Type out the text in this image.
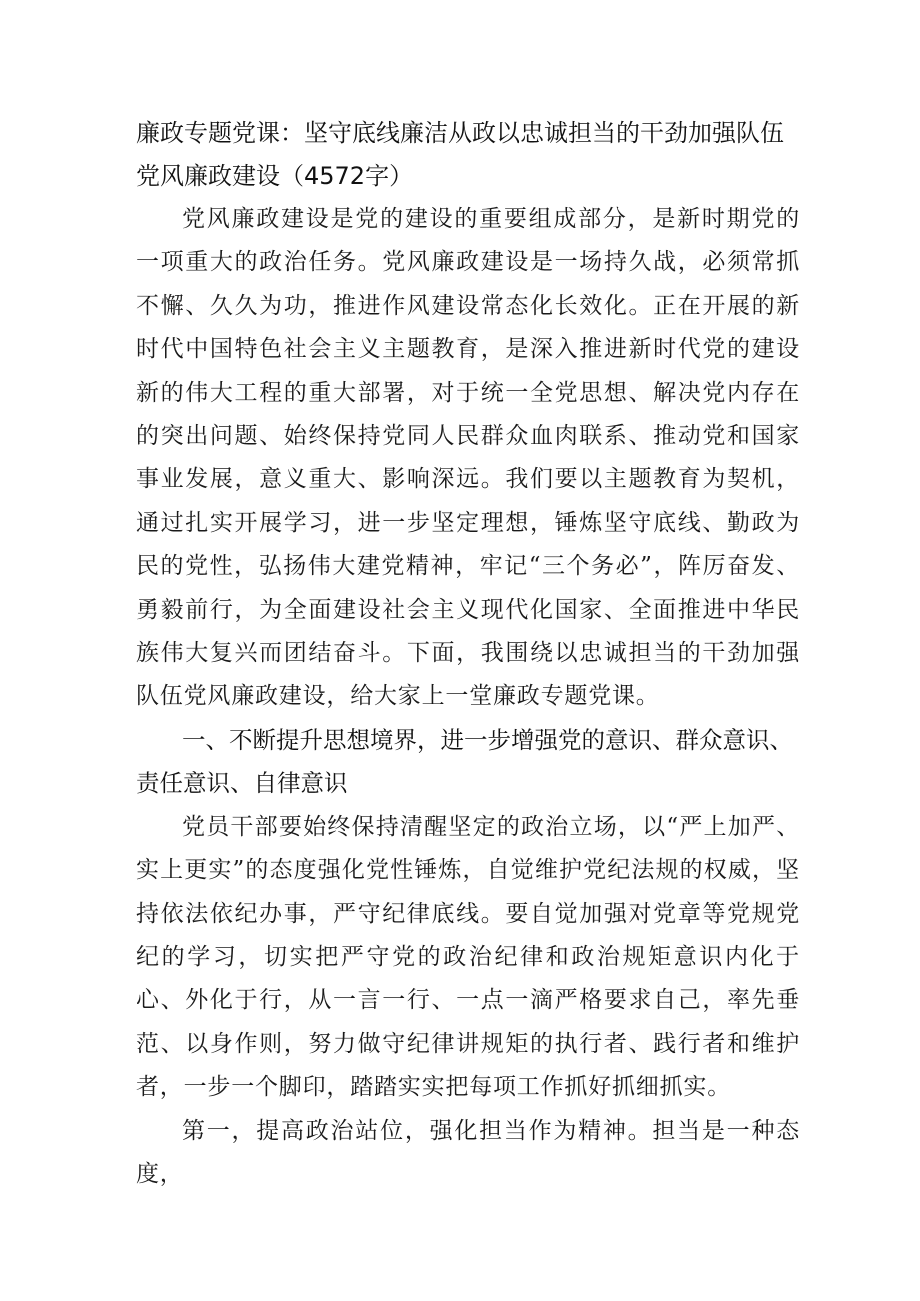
廉政专题党课：坚守底线廉洁从政以忠诚担当的干劲加强队伍党风廉政建设（4572字）

党风廉政建设是党的建设的重要组成部分，是新时期党的一项重大的政治任务。党风廉政建设是一场持久战，必须常抓不懈、久久为功，推进作风建设常态化长效化。正在开展的新时代中国特色社会主义主题教育，是深入推进新时代党的建设新的伟大工程的重大部署，对于统一全党思想、解决党内存在的突出问题、始终保持党同人民群众血肉联系、推动党和国家事业发展，意义重大、影响深远。我们要以主题教育为契机，通过扎实开展学习，进一步坚定理想，锤炼坚守底线、勤政为民的党性，弘扬伟大建党精神，牢记“三个务必”，阵厉奋发、勇毅前行，为全面建设社会主义现代化国家、全面推进中华民族伟大复兴而团结奋斗。下面，我围绕以忠诚担当的干劲加强队伍党风廉政建设，给大家上一堂廉政专题党课。

一、不断提升思想境界，进一步增强党的意识、群众意识、责任意识、自律意识

党员干部要始终保持清醒坚定的政治立场，以“严上加严、实上更实”的态度强化党性锤炼，自觉维护党纪法规的权威，坚持依法依纪办事，严守纪律底线。要自觉加强对党章等党规党纪的学习，切实把严守党的政治纪律和政治规矩意识内化于心、外化于行，从一言一行、一点一滴严格要求自己，率先垂范、以身作则，努力做守纪律讲规矩的执行者、践行者和维护者，一步一个脚印，踏踏实实把每项工作抓好抓细抓实。

第一，提高政治站位，强化担当作为精神。担当是一种态度，
